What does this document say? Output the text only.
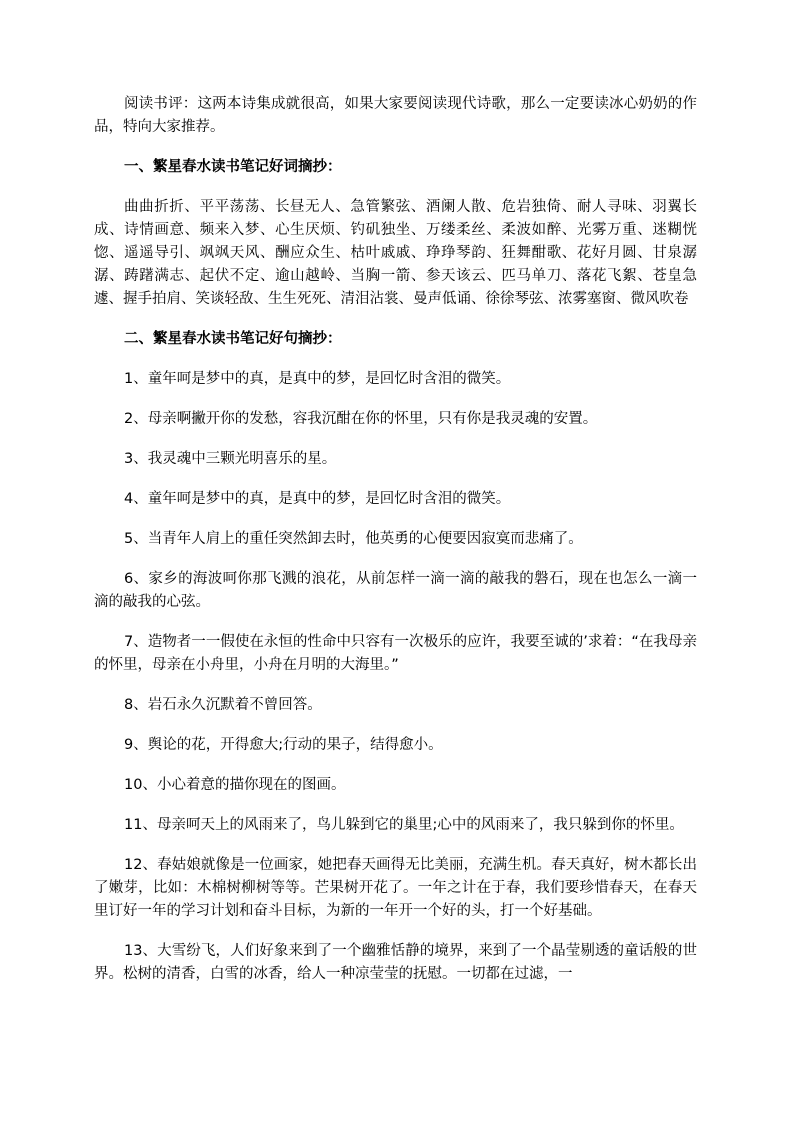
阅读书评：这两本诗集成就很高，如果大家要阅读现代诗歌，那么一定要读冰心奶奶的作品，特向大家推荐。

一、繁星春水读书笔记好词摘抄：

曲曲折折、平平荡荡、长昼无人、急管繁弦、酒阑人散、危岩独倚、耐人寻味、羽翼长成、诗情画意、频来入梦、心生厌烦、钓矶独坐、万缕柔丝、柔波如醉、光雾万重、迷糊恍惚、遥遥导引、飒飒天风、酬应众生、枯叶戚戚、琤琤琴韵、狂舞酣歌、花好月圆、甘泉潺潺、踌躇满志、起伏不定、逾山越岭、当胸一箭、参天该云、匹马单刀、落花飞絮、苍皇急遽、握手拍肩、笑谈轻敌、生生死死、清泪沾裳、曼声低诵、徐徐琴弦、浓雾塞窗、微风吹卷

二、繁星春水读书笔记好句摘抄：

1、童年呵是梦中的真，是真中的梦，是回忆时含泪的微笑。

2、母亲啊撇开你的发愁，容我沉酣在你的怀里，只有你是我灵魂的安置。

3、我灵魂中三颗光明喜乐的星。

4、童年呵是梦中的真，是真中的梦，是回忆时含泪的微笑。

5、当青年人肩上的重任突然卸去时，他英勇的心便要因寂寞而悲痛了。

6、家乡的海波呵你那飞溅的浪花，从前怎样一滴一滴的敲我的磐石，现在也怎么一滴一滴的敲我的心弦。

7、造物者一一假使在永恒的性命中只容有一次极乐的应许，我要至诚的’求着：“在我母亲的怀里，母亲在小舟里，小舟在月明的大海里。”

8、岩石永久沉默着不曾回答。

9、舆论的花，开得愈大;行动的果子，结得愈小。

10、小心着意的描你现在的图画。

11、母亲呵天上的风雨来了，鸟儿躲到它的巢里;心中的风雨来了，我只躲到你的怀里。

12、春姑娘就像是一位画家，她把春天画得无比美丽，充满生机。春天真好，树木都长出了嫩芽，比如：木棉树柳树等等。芒果树开花了。一年之计在于春，我们要珍惜春天，在春天里订好一年的学习计划和奋斗目标，为新的一年开一个好的头，打一个好基础。

13、大雪纷飞，人们好象来到了一个幽雅恬静的境界，来到了一个晶莹剔透的童话般的世界。松树的清香，白雪的冰香，给人一种凉莹莹的抚慰。一切都在过滤，一
